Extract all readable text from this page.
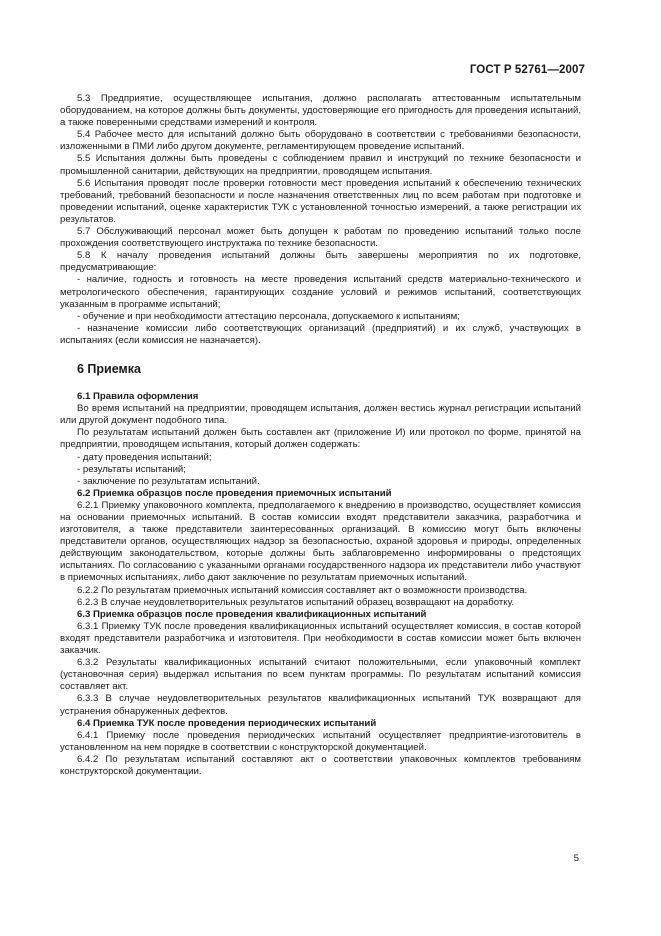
ГОСТ Р 52761—2007

5.3 Предприятие, осуществляющее испытания, должно располагать аттестованным испытательным оборудованием, на которое должны быть документы, удостоверяющие его пригодность для проведения испытаний, а также поверенными средствами измерений и контроля.

5.4 Рабочее место для испытаний должно быть оборудовано в соответствии с требованиями безопасности, изложенными в ПМИ либо другом документе, регламентирующем проведение испытаний.

5.5 Испытания должны быть проведены с соблюдением правил и инструкций по технике безопасности и промышленной санитарии, действующих на предприятии, проводящем испытания.

5.6 Испытания проводят после проверки готовности мест проведения испытаний к обеспечению технических требований, требований безопасности и после назначения ответственных лиц по всем работам при подготовке и проведении испытаний, оценке характеристик ТУК с установленной точностью измерений, а также регистрации их результатов.

5.7 Обслуживающий персонал может быть допущен к работам по проведению испытаний только после прохождения соответствующего инструктажа по технике безопасности.

5.8 К началу проведения испытаний должны быть завершены мероприятия по их подготовке, предусматривающие:

- наличие, годность и готовность на месте проведения испытаний средств материально-технического и метрологического обеспечения, гарантирующих создание условий и режимов испытаний, соответствующих указанным в программе испытаний;

- обучение и при необходимости аттестацию персонала, допускаемого к испытаниям;

- назначение комиссии либо соответствующих организаций (предприятий) и их служб, участвующих в испытаниях (если комиссия не назначается).

6 Приемка

6.1 Правила оформления

Во время испытаний на предприятии, проводящем испытания, должен вестись журнал регистрации испытаний или другой документ подобного типа.

По результатам испытаний должен быть составлен акт (приложение И) или протокол по форме, принятой на предприятии, проводящем испытания, который должен содержать:

- дату проведения испытаний;

- результаты испытаний;

- заключение по результатам испытаний.

6.2 Приемка образцов после проведения приемочных испытаний

6.2.1 Приемку упаковочного комплекта, предполагаемого к внедрению в производство, осуществляет комиссия на основании приемочных испытаний. В состав комиссии входят представители заказчика, разработчика и изготовителя, а также представители заинтересованных организаций. В комиссию могут быть включены представители органов, осуществляющих надзор за безопасностью, охраной здоровья и природы, определенных действующим законодательством, которые должны быть заблаговременно информированы о предстоящих испытаниях. По согласованию с указанными органами государственного надзора их представители либо участвуют в приемочных испытаниях, либо дают заключение по результатам приемочных испытаний.

6.2.2 По результатам приемочных испытаний комиссия составляет акт о возможности производства.

6.2.3 В случае неудовлетворительных результатов испытаний образец возвращают на доработку.

6.3 Приемка образцов после проведения квалификационных испытаний

6.3.1 Приемку ТУК после проведения квалификационных испытаний осуществляет комиссия, в состав которой входят представители разработчика и изготовителя. При необходимости в состав комиссии может быть включен заказчик.

6.3.2 Результаты квалификационных испытаний считают положительными, если упаковочный комплект (установочная серия) выдержал испытания по всем пунктам программы. По результатам испытаний комиссия составляет акт.

6.3.3 В случае неудовлетворительных результатов квалификационных испытаний ТУК возвращают для устранения обнаруженных дефектов.

6.4 Приемка ТУК после проведения периодических испытаний

6.4.1 Приемку после проведения периодических испытаний осуществляет предприятие-изготовитель в установленном на нем порядке в соответствии с конструкторской документацией.

6.4.2 По результатам испытаний составляют акт о соответствии упаковочных комплектов требованиям конструкторской документации.

5
